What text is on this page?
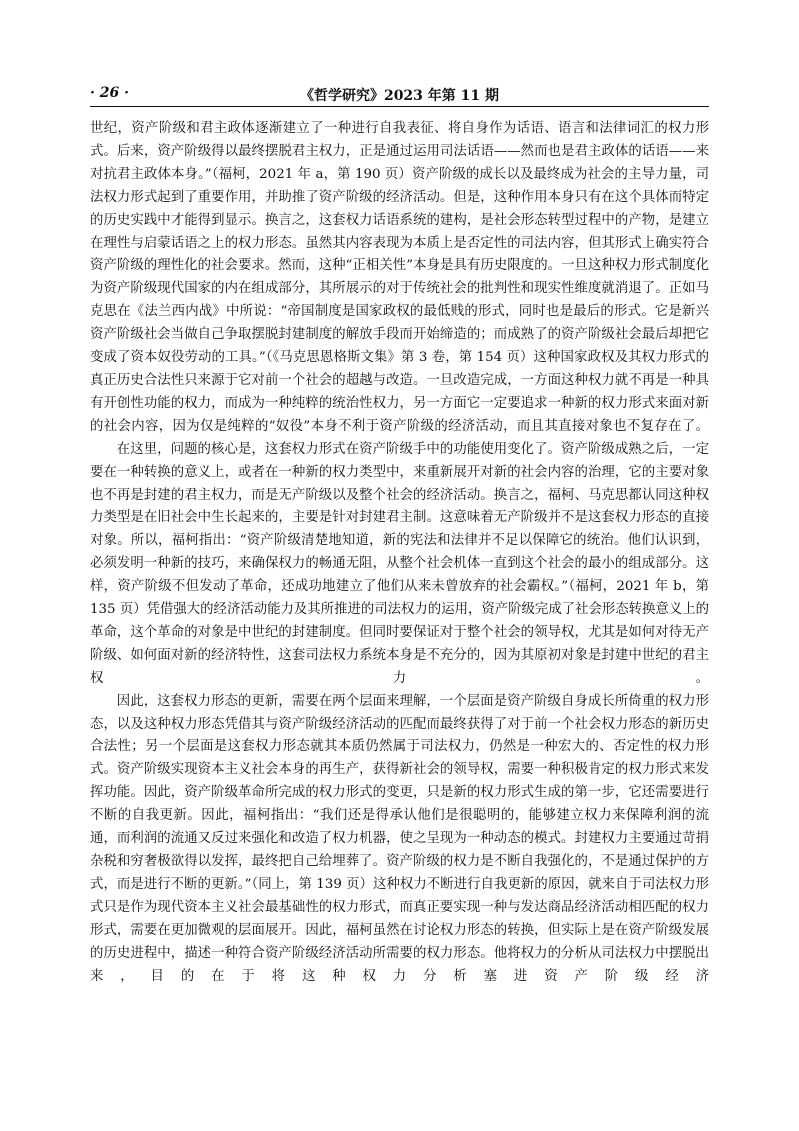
· 26 ·	《哲学研究》2023 年第 11 期

世纪，资产阶级和君主政体逐渐建立了一种进行自我表征、将自身作为话语、语言和法律词汇的权力形式。后来，资产阶级得以最终摆脱君主权力，正是通过运用司法话语——然而也是君主政体的话语——来对抗君主政体本身。”（福柯，2021 年 a，第 190 页）资产阶级的成长以及最终成为社会的主导力量，司法权力形式起到了重要作用，并助推了资产阶级的经济活动。但是，这种作用本身只有在这个具体而特定的历史实践中才能得到显示。换言之，这套权力话语系统的建构，是社会形态转型过程中的产物，是建立在理性与启蒙话语之上的权力形态。虽然其内容表现为本质上是否定性的司法内容，但其形式上确实符合资产阶级的理性化的社会要求。然而，这种“正相关性”本身是具有历史限度的。一旦这种权力形式制度化为资产阶级现代国家的内在组成部分，其所展示的对于传统社会的批判性和现实性维度就消退了。正如马克思在《法兰西内战》中所说：“帝国制度是国家政权的最低贱的形式，同时也是最后的形式。它是新兴资产阶级社会当做自己争取摆脱封建制度的解放手段而开始缔造的；而成熟了的资产阶级社会最后却把它变成了资本奴役劳动的工具。”（《马克思恩格斯文集》第 3 卷，第 154 页）这种国家政权及其权力形式的真正历史合法性只来源于它对前一个社会的超越与改造。一旦改造完成，一方面这种权力就不再是一种具有开创性功能的权力，而成为一种纯粹的统治性权力，另一方面它一定要追求一种新的权力形式来面对新的社会内容，因为仅是纯粹的“奴役”本身不利于资产阶级的经济活动，而且其直接对象也不复存在了。

在这里，问题的核心是，这套权力形式在资产阶级手中的功能使用变化了。资产阶级成熟之后，一定要在一种转换的意义上，或者在一种新的权力类型中，来重新展开对新的社会内容的治理，它的主要对象也不再是封建的君主权力，而是无产阶级以及整个社会的经济活动。换言之，福柯、马克思都认同这种权力类型是在旧社会中生长起来的，主要是针对封建君主制。这意味着无产阶级并不是这套权力形态的直接对象。所以，福柯指出：“资产阶级清楚地知道，新的宪法和法律并不足以保障它的统治。他们认识到，必须发明一种新的技巧，来确保权力的畅通无阻，从整个社会机体一直到这个社会的最小的组成部分。这样，资产阶级不但发动了革命，还成功地建立了他们从来未曾放弃的社会霸权。”（福柯，2021 年 b，第 135 页）凭借强大的经济活动能力及其所推进的司法权力的运用，资产阶级完成了社会形态转换意义上的革命，这个革命的对象是中世纪的封建制度。但同时要保证对于整个社会的领导权，尤其是如何对待无产阶级、如何面对新的经济特性，这套司法权力系统本身是不充分的，因为其原初对象是封建中世纪的君主权力。

因此，这套权力形态的更新，需要在两个层面来理解，一个层面是资产阶级自身成长所倚重的权力形态，以及这种权力形态凭借其与资产阶级经济活动的匹配而最终获得了对于前一个社会权力形态的新历史合法性；另一个层面是这套权力形态就其本质仍然属于司法权力，仍然是一种宏大的、否定性的权力形式。资产阶级实现资本主义社会本身的再生产，获得新社会的领导权，需要一种积极肯定的权力形式来发挥功能。因此，资产阶级革命所完成的权力形式的变更，只是新的权力形式生成的第一步，它还需要进行不断的自我更新。因此，福柯指出：“我们还是得承认他们是很聪明的，能够建立权力来保障利润的流通，而利润的流通又反过来强化和改造了权力机器，使之呈现为一种动态的模式。封建权力主要通过苛捐杂税和穷奢极欲得以发挥，最终把自己给埋葬了。资产阶级的权力是不断自我强化的，不是通过保护的方式，而是进行不断的更新。”（同上，第 139 页）这种权力不断进行自我更新的原因，就来自于司法权力形式只是作为现代资本主义社会最基础性的权力形式，而真正要实现一种与发达商品经济活动相匹配的权力形式，需要在更加微观的层面展开。因此，福柯虽然在讨论权力形态的转换，但实际上是在资产阶级发展的历史进程中，描述一种符合资产阶级经济活动所需要的权力形态。他将权力的分析从司法权力中摆脱出来，目的在于将这种权力分析塞进资产阶级经济
